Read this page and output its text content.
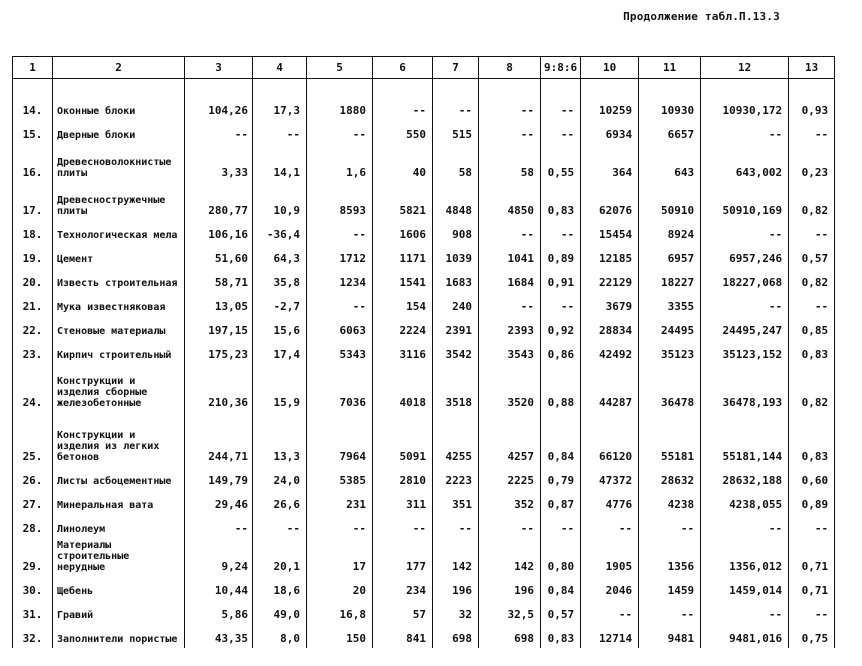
Продолжение табл.П.13.3
1	2	3	4	5	6	7	8	9:8:6	10	11	12	13

14.	Оконные блоки	104,26	17,3	1880	--	--	--	--	10259	10930	10930,172	0,93
15.	Дверные блоки	--	--	--	550	515	--	--	6934	6657	--	--
16.	Древесноволокнистые плиты	3,33	14,1	1,6	40	58	58	0,55	364	643	643,002	0,23
17.	Древесностружечные плиты	280,77	10,9	8593	5821	4848	4850	0,83	62076	50910	50910,169	0,82
18.	Технологическая мела	106,16	-36,4	--	1606	908	--	--	15454	8924	--	--
19.	Цемент	51,60	64,3	1712	1171	1039	1041	0,89	12185	6957	6957,246	0,57
20.	Известь строительная	58,71	35,8	1234	1541	1683	1684	0,91	22129	18227	18227,068	0,82
21.	Мука известняковая	13,05	-2,7	--	154	240	--	--	3679	3355	--	--
22.	Стеновые материалы	197,15	15,6	6063	2224	2391	2393	0,92	28834	24495	24495,247	0,85
23.	Кирпич строительный	175,23	17,4	5343	3116	3542	3543	0,86	42492	35123	35123,152	0,83
24.	Конструкции и изделия сборные железобетонные	210,36	15,9	7036	4018	3518	3520	0,88	44287	36478	36478,193	0,82
25.	Конструкции и изделия из легких бетонов	244,71	13,3	7964	5091	4255	4257	0,84	66120	55181	55181,144	0,83
26.	Листы асбоцементные	149,79	24,0	5385	2810	2223	2225	0,79	47372	28632	28632,188	0,60
27.	Минеральная вата	29,46	26,6	231	311	351	352	0,87	4776	4238	4238,055	0,89
28.	Линолеум	--	--	--	--	--	--	--	--	--	--	--
29.	Материалы строительные нерудные	9,24	20,1	17	177	142	142	0,80	1905	1356	1356,012	0,71
30.	Щебень	10,44	18,6	20	234	196	196	0,84	2046	1459	1459,014	0,71
31.	Гравий	5,86	49,0	16,8	57	32	32,5	0,57	--	--	--	--
32.	Заполнители пористые	43,35	8,0	150	841	698	698	0,83	12714	9481	9481,016	0,75
